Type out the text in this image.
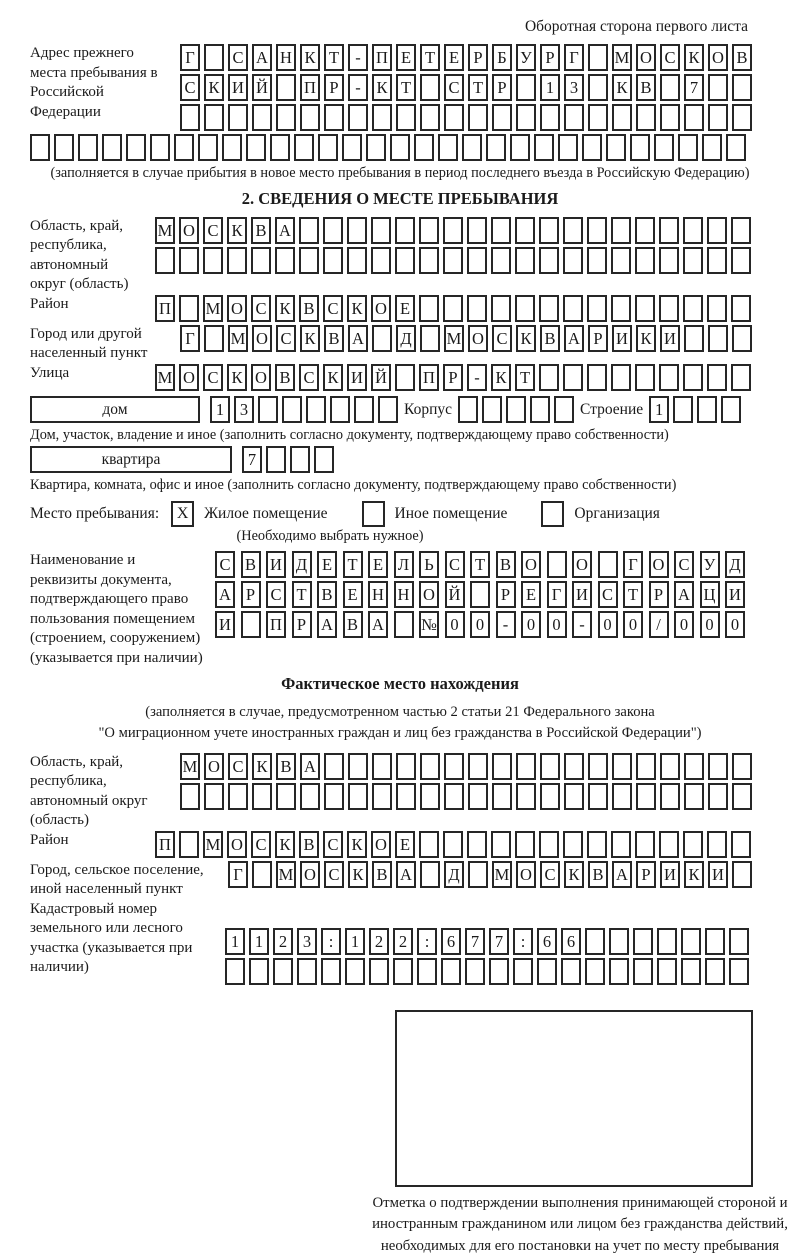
Оборотная сторона первого листа
Адрес прежнего места пребывания в Российской Федерации
Г	С А Н К Т - П Е Т Е Р Б У Р Г	М О С К О В
С К И Й П Р	- К Т	С Т Р	1 3	К В	7
(заполняется в случае прибытия в новое место пребывания в период последнего въезда в Российскую Федерацию)
2. СВЕДЕНИЯ О МЕСТЕ ПРЕБЫВАНИЯ
Область, край, республика, автономный округ (область)
М О С К В А
Район	П М О С К В С К О Е
Город или другой населенный пункт
Г	М О С К В А Д М О С К В А Р И К И
Улица	М О С К О В С К И Й П Р	- К Т
дом	1 3	Корпус	Строение 1
Дом, участок, владение и иное (заполнить согласно документу, подтверждающему право собственности)
квартира	7
Квартира, комната, офис и иное (заполнить согласно документу, подтверждающему право собственности)
Место пребывания:	X	Жилое помещение	Иное помещение	Организация
(Необходимо выбрать нужное)
Наименование и реквизиты документа, подтверждающего право пользования помещением (строением, сооружением) (указывается при наличии)
С В И Д Е Т Е Л Ь С Т В О О	Г О С У Д
А Р С Т В Е Н Н О Й	Р Е Г И С Т Р А Ц И
И П Р А В А № 0	0	-	0	0	-	0	0	/	0	0	0
Фактическое место нахождения
(заполняется в случае, предусмотренном частью 2 статьи 21 Федерального закона
"О миграционном учете иностранных граждан и лиц без гражданства в Российской Федерации")
Область, край, республика, автономный округ (область)
М О С К В А
Район	П М О С К В С К О Е
Город, сельское поселение, иной населенный пункт
Г	М О С К В А Д М О С К В А Р И К И
Кадастровый номер земельного или лесного участка (указывается при наличии)
1 1 2 3	:	1 2 2	:	6 7 7	:	6 6
Отметка о подтверждении выполнения принимающей стороной и иностранным гражданином или лицом без гражданства действий, необходимых для его постановки на учет по месту пребывания
